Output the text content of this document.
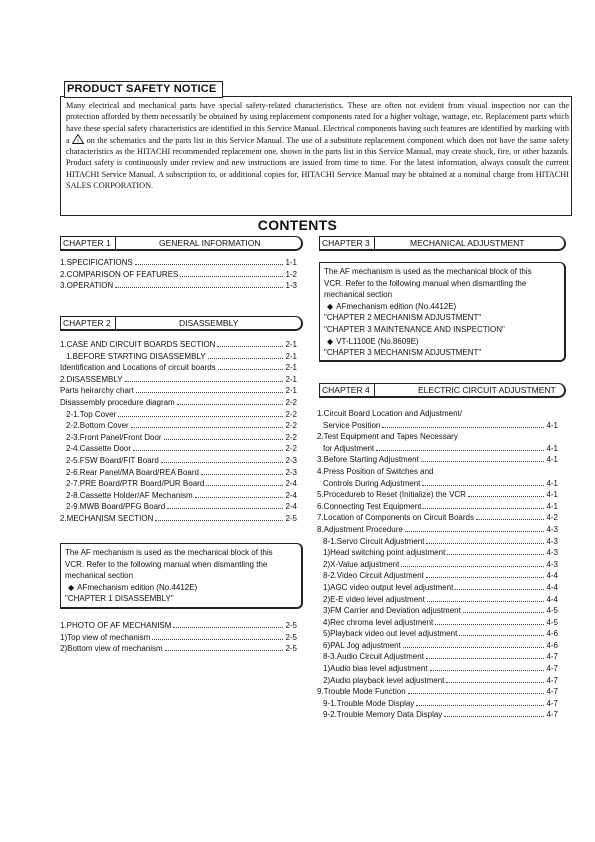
PRODUCT SAFETY NOTICE
Many electrical and mechanical parts have special safety-related characteristics. These are often not evident from visual inspection nor can the protection afforded by them necessarily be obtained by using replacement components rated for a higher voltage, wattage, etc. Replacement parts which have these special safety characteristics are identified in this Service Manual. Electrical components having such features are identified by marking with a ! on the schematics and the parts list in this Service Manual. The use of a substitute replacement component which does not have the same safety characteristics as the HITACHI recommended replacement one, shown in the parts list in this Service Manual, may create shock, fire, or other hazards. Product safety is continuously under review and new instructions are issued from time to time. For the latest information, always consult the current HITACHI Service Manual. A subscription to, or additional copies for, HITACHI Service Manual may be obtained at a nominal charge from HITACHI SALES CORPORATION.
CONTENTS
CHAPTER 1	GENERAL INFORMATION
1.SPECIFICATIONS	1-1
2.COMPARISON OF FEATURES	1-2
3.OPERATION	1-3
CHAPTER 2	DISASSEMBLY
1.CASE AND CIRCUIT BOARDS SECTION	2-1
1.BEFORE STARTING DISASSEMBLY	2-1
Identification and Locations of circuit boards	2-1
2.DISASSEMBLY	2-1
Parts heirarchy chart	2-1
Disassembly procedure diagram	2-2
2-1.Top Cover	2-2
2-2.Bottom Cover	2-2
2-3.Front Panel/Front Door	2-2
2-4.Cassette Door	2-2
2-5.FSW Board/FIT Board	2-3
2-6.Rear Panel/MA Board/REA Board	2-3
2-7.PRE Board/PTR Board/PUR Board	2-4
2-8.Cassette Holder/AF Mechanism	2-4
2-9.MWB Board/PFG Board	2-4
2.MECHANISM SECTION	2-5
The AF mechanism is used as the mechanical block of this
VCR. Refer to the following manual when dismantling the
mechanical section
◆ AFmechanism edition (No.4412E)
"CHAPTER 1 DISASSEMBLY"
1.PHOTO OF AF MECHANISM	2-5
1)Top view of mechanism	2-5
2)Bottom view of mechanism	2-5
CHAPTER 3	MECHANICAL ADJUSTMENT
The AF mechanism is used as the mechanical block of this
VCR. Refer to the following manual when dismantling the
mechanical section
◆ AFmechanism edition (No.4412E)
"CHAPTER 2 MECHANISM ADJUSTMENT"
"CHAPTER 3 MAINTENANCE AND INSPECTION"
◆ VT-L1100E (No.8609E)
"CHAPTER 3 MECHANISM ADJUSTMENT"
CHAPTER 4	ELECTRIC CIRCUIT ADJUSTMENT
1.Circuit Board Location and Adjustment/
Service Position	4-1
2.Test Equipment and Tapes Necessary
for Adjustment	4-1
3.Before Starting Adjustment	4-1
4.Press Position of Switches and
Controls During Adjustment	4-1
5.Procedureb to Reset (Initialize) the VCR	4-1
6.Connecting Test Equipment	4-1
7.Location of Components on Circuit Boards	4-2
8.Adjustment Procedure	4-3
8-1.Servo Circuit Adjustment	4-3
1)Head switching point adjustment	4-3
2)X-Value adjustment	4-3
8-2.Video Circuit Adjustment	4-4
1)AGC video output level adjustment	4-4
2)E-E video level adjustment	4-4
3)FM Carrier and Deviation adjustment	4-5
4)Rec chroma level adjustment	4-5
5)Playback video out level adjustment	4-6
6)PAL Jog adjustment	4-6
8-3.Audio Circuit Adjustment	4-7
1)Audio bias level adjustment	4-7
2)Audio playback level adjustment	4-7
9.Trouble Mode Function	4-7
9-1.Trouble Mode Display	4-7
9-2.Trouble Memory Data Display	4-7
